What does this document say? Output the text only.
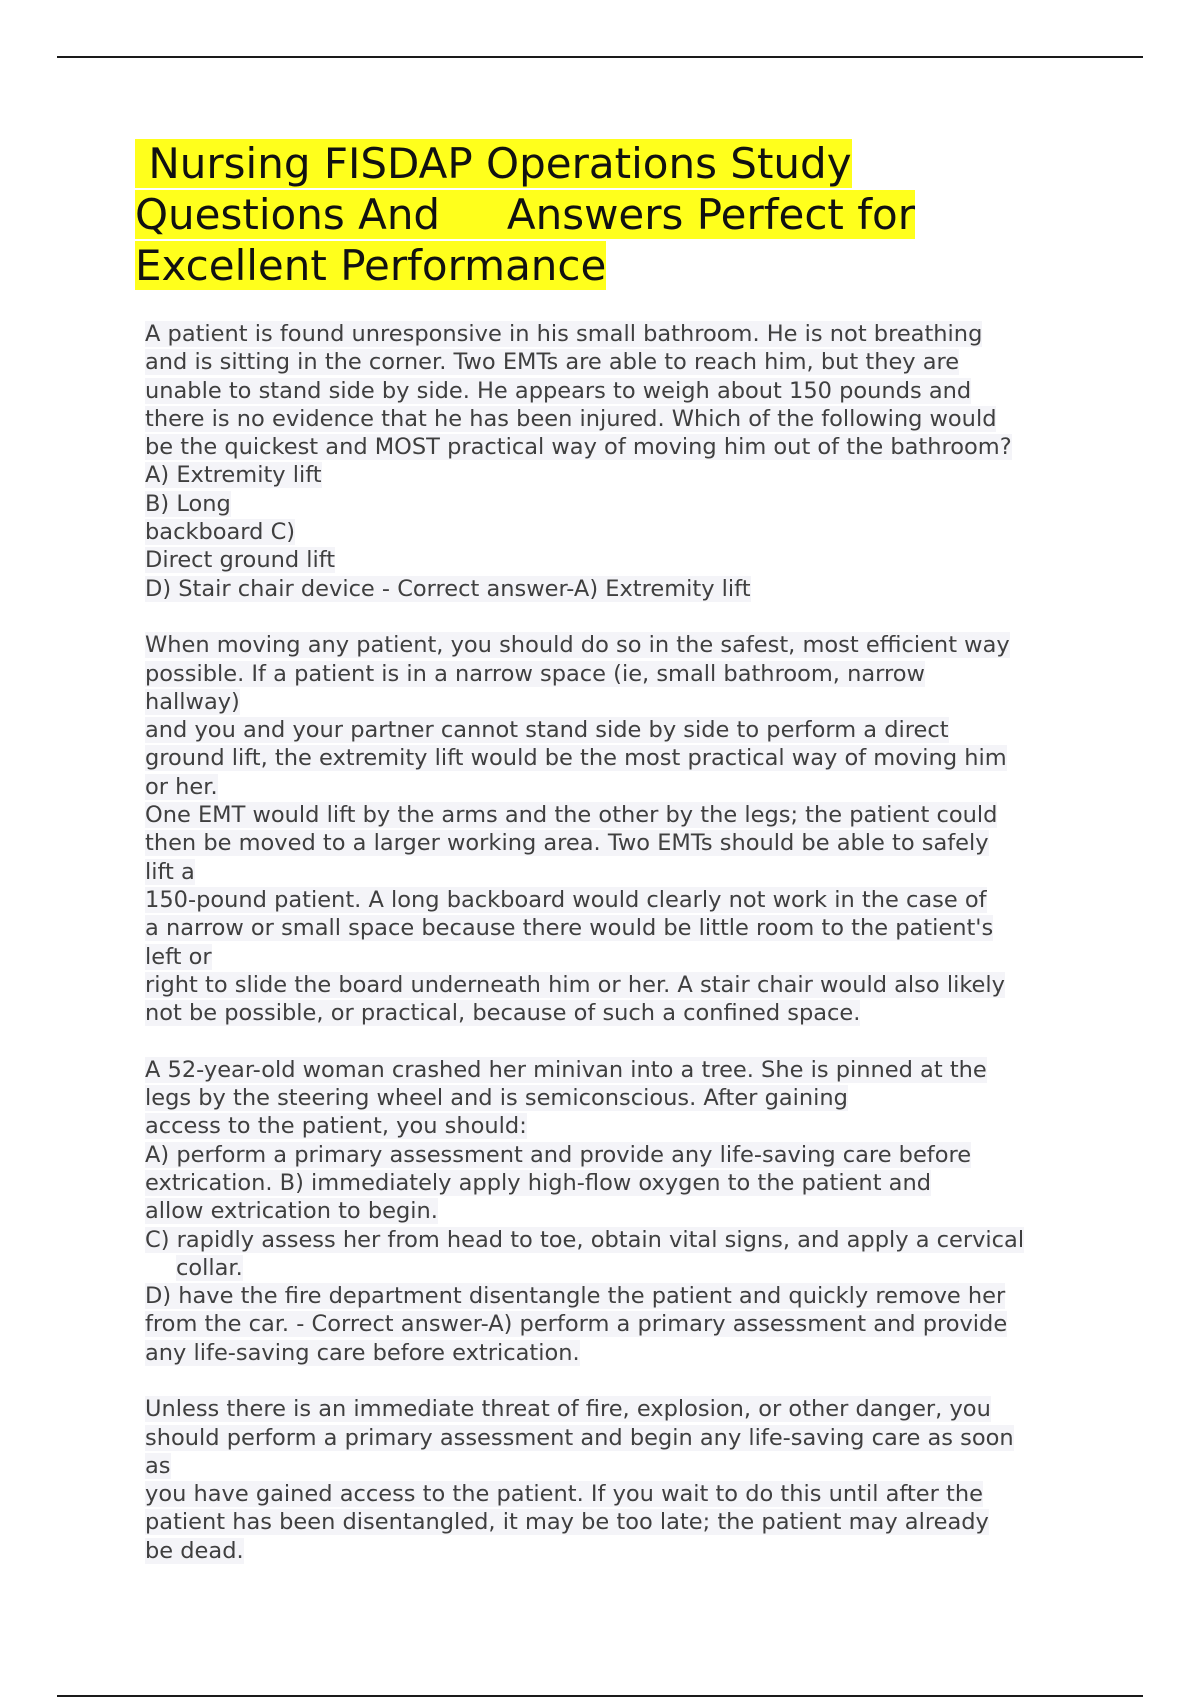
Nursing FISDAP Operations Study
Questions And     Answers Perfect for
Excellent Performance
A patient is found unresponsive in his small bathroom. He is not breathing
and is sitting in the corner. Two EMTs are able to reach him, but they are
unable to stand side by side. He appears to weigh about 150 pounds and
there is no evidence that he has been injured. Which of the following would
be the quickest and MOST practical way of moving him out of the bathroom?
A) Extremity lift
B) Long
backboard C)
Direct ground lift
D) Stair chair device - Correct answer-A) Extremity lift
When moving any patient, you should do so in the safest, most efficient way
possible. If a patient is in a narrow space (ie, small bathroom, narrow
hallway)
and you and your partner cannot stand side by side to perform a direct
ground lift, the extremity lift would be the most practical way of moving him
or her.
One EMT would lift by the arms and the other by the legs; the patient could
then be moved to a larger working area. Two EMTs should be able to safely
lift a
150-pound patient. A long backboard would clearly not work in the case of
a narrow or small space because there would be little room to the patient's
left or
right to slide the board underneath him or her. A stair chair would also likely
not be possible, or practical, because of such a confined space.
A 52-year-old woman crashed her minivan into a tree. She is pinned at the
legs by the steering wheel and is semiconscious. After gaining
access to the patient, you should:
A) perform a primary assessment and provide any life-saving care before
extrication. B) immediately apply high-flow oxygen to the patient and
allow extrication to begin.
C) rapidly assess her from head to toe, obtain vital signs, and apply a cervical
collar.
D) have the fire department disentangle the patient and quickly remove her
from the car. - Correct answer-A) perform a primary assessment and provide
any life-saving care before extrication.
Unless there is an immediate threat of fire, explosion, or other danger, you
should perform a primary assessment and begin any life-saving care as soon
as
you have gained access to the patient. If you wait to do this until after the
patient has been disentangled, it may be too late; the patient may already
be dead.
